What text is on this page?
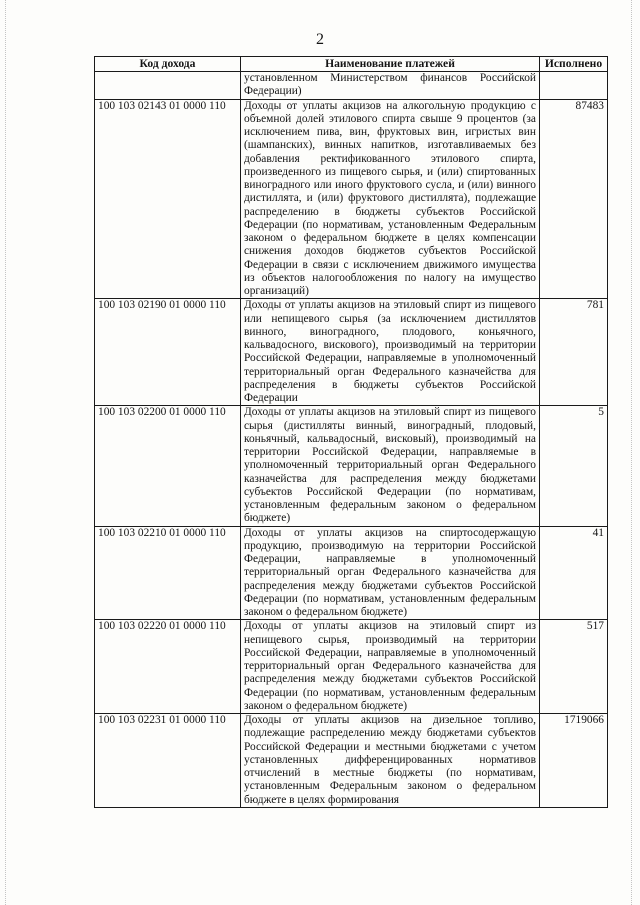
2
Код дохода	Наименование платежей	Исполнено
	установленном Министерством финансов Российской Федерации)	
100 103 02143 01 0000 110	Доходы от уплаты акцизов на алкогольную продукцию с объемной долей этилового спирта свыше 9 процентов (за исключением пива, вин, фруктовых вин, игристых вин (шампанских), винных напитков, изготавливаемых без добавления ректификованного этилового спирта, произведенного из пищевого сырья, и (или) спиртованных виноградного или иного фруктового сусла, и (или) винного дистиллята, и (или) фруктового дистиллята), подлежащие распределению в бюджеты субъектов Российской Федерации (по нормативам, установленным Федеральным законом о федеральном бюджете в целях компенсации снижения доходов бюджетов субъектов Российской Федерации в связи с исключением движимого имущества из объектов налогообложения по налогу на имущество организаций)	87483
100 103 02190 01 0000 110	Доходы от уплаты акцизов на этиловый спирт из пищевого или непищевого сырья (за исключением дистиллятов винного, виноградного, плодового, коньячного, кальвадосного, вискового), производимый на территории Российской Федерации, направляемые в уполномоченный территориальный орган Федерального казначейства для распределения в бюджеты субъектов Российской Федерации	781
100 103 02200 01 0000 110	Доходы от уплаты акцизов на этиловый спирт из пищевого сырья (дистилляты винный, виноградный, плодовый, коньячный, кальвадосный, висковый), производимый на территории Российской Федерации, направляемые в уполномоченный территориальный орган Федерального казначейства для распределения между бюджетами субъектов Российской Федерации (по нормативам, установленным федеральным законом о федеральном бюджете)	5
100 103 02210 01 0000 110	Доходы от уплаты акцизов на спиртосодержащую продукцию, производимую на территории Российской Федерации, направляемые в уполномоченный территориальный орган Федерального казначейства для распределения между бюджетами субъектов Российской Федерации (по нормативам, установленным федеральным законом о федеральном бюджете)	41
100 103 02220 01 0000 110	Доходы от уплаты акцизов на этиловый спирт из непищевого сырья, производимый на территории Российской Федерации, направляемые в уполномоченный территориальный орган Федерального казначейства для распределения между бюджетами субъектов Российской Федерации (по нормативам, установленным федеральным законом о федеральном бюджете)	517
100 103 02231 01 0000 110	Доходы от уплаты акцизов на дизельное топливо, подлежащие распределению между бюджетами субъектов Российской Федерации и местными бюджетами с учетом установленных дифференцированных нормативов отчислений в местные бюджеты (по нормативам, установленным Федеральным законом о федеральном бюджете в целях формирования	1719066
